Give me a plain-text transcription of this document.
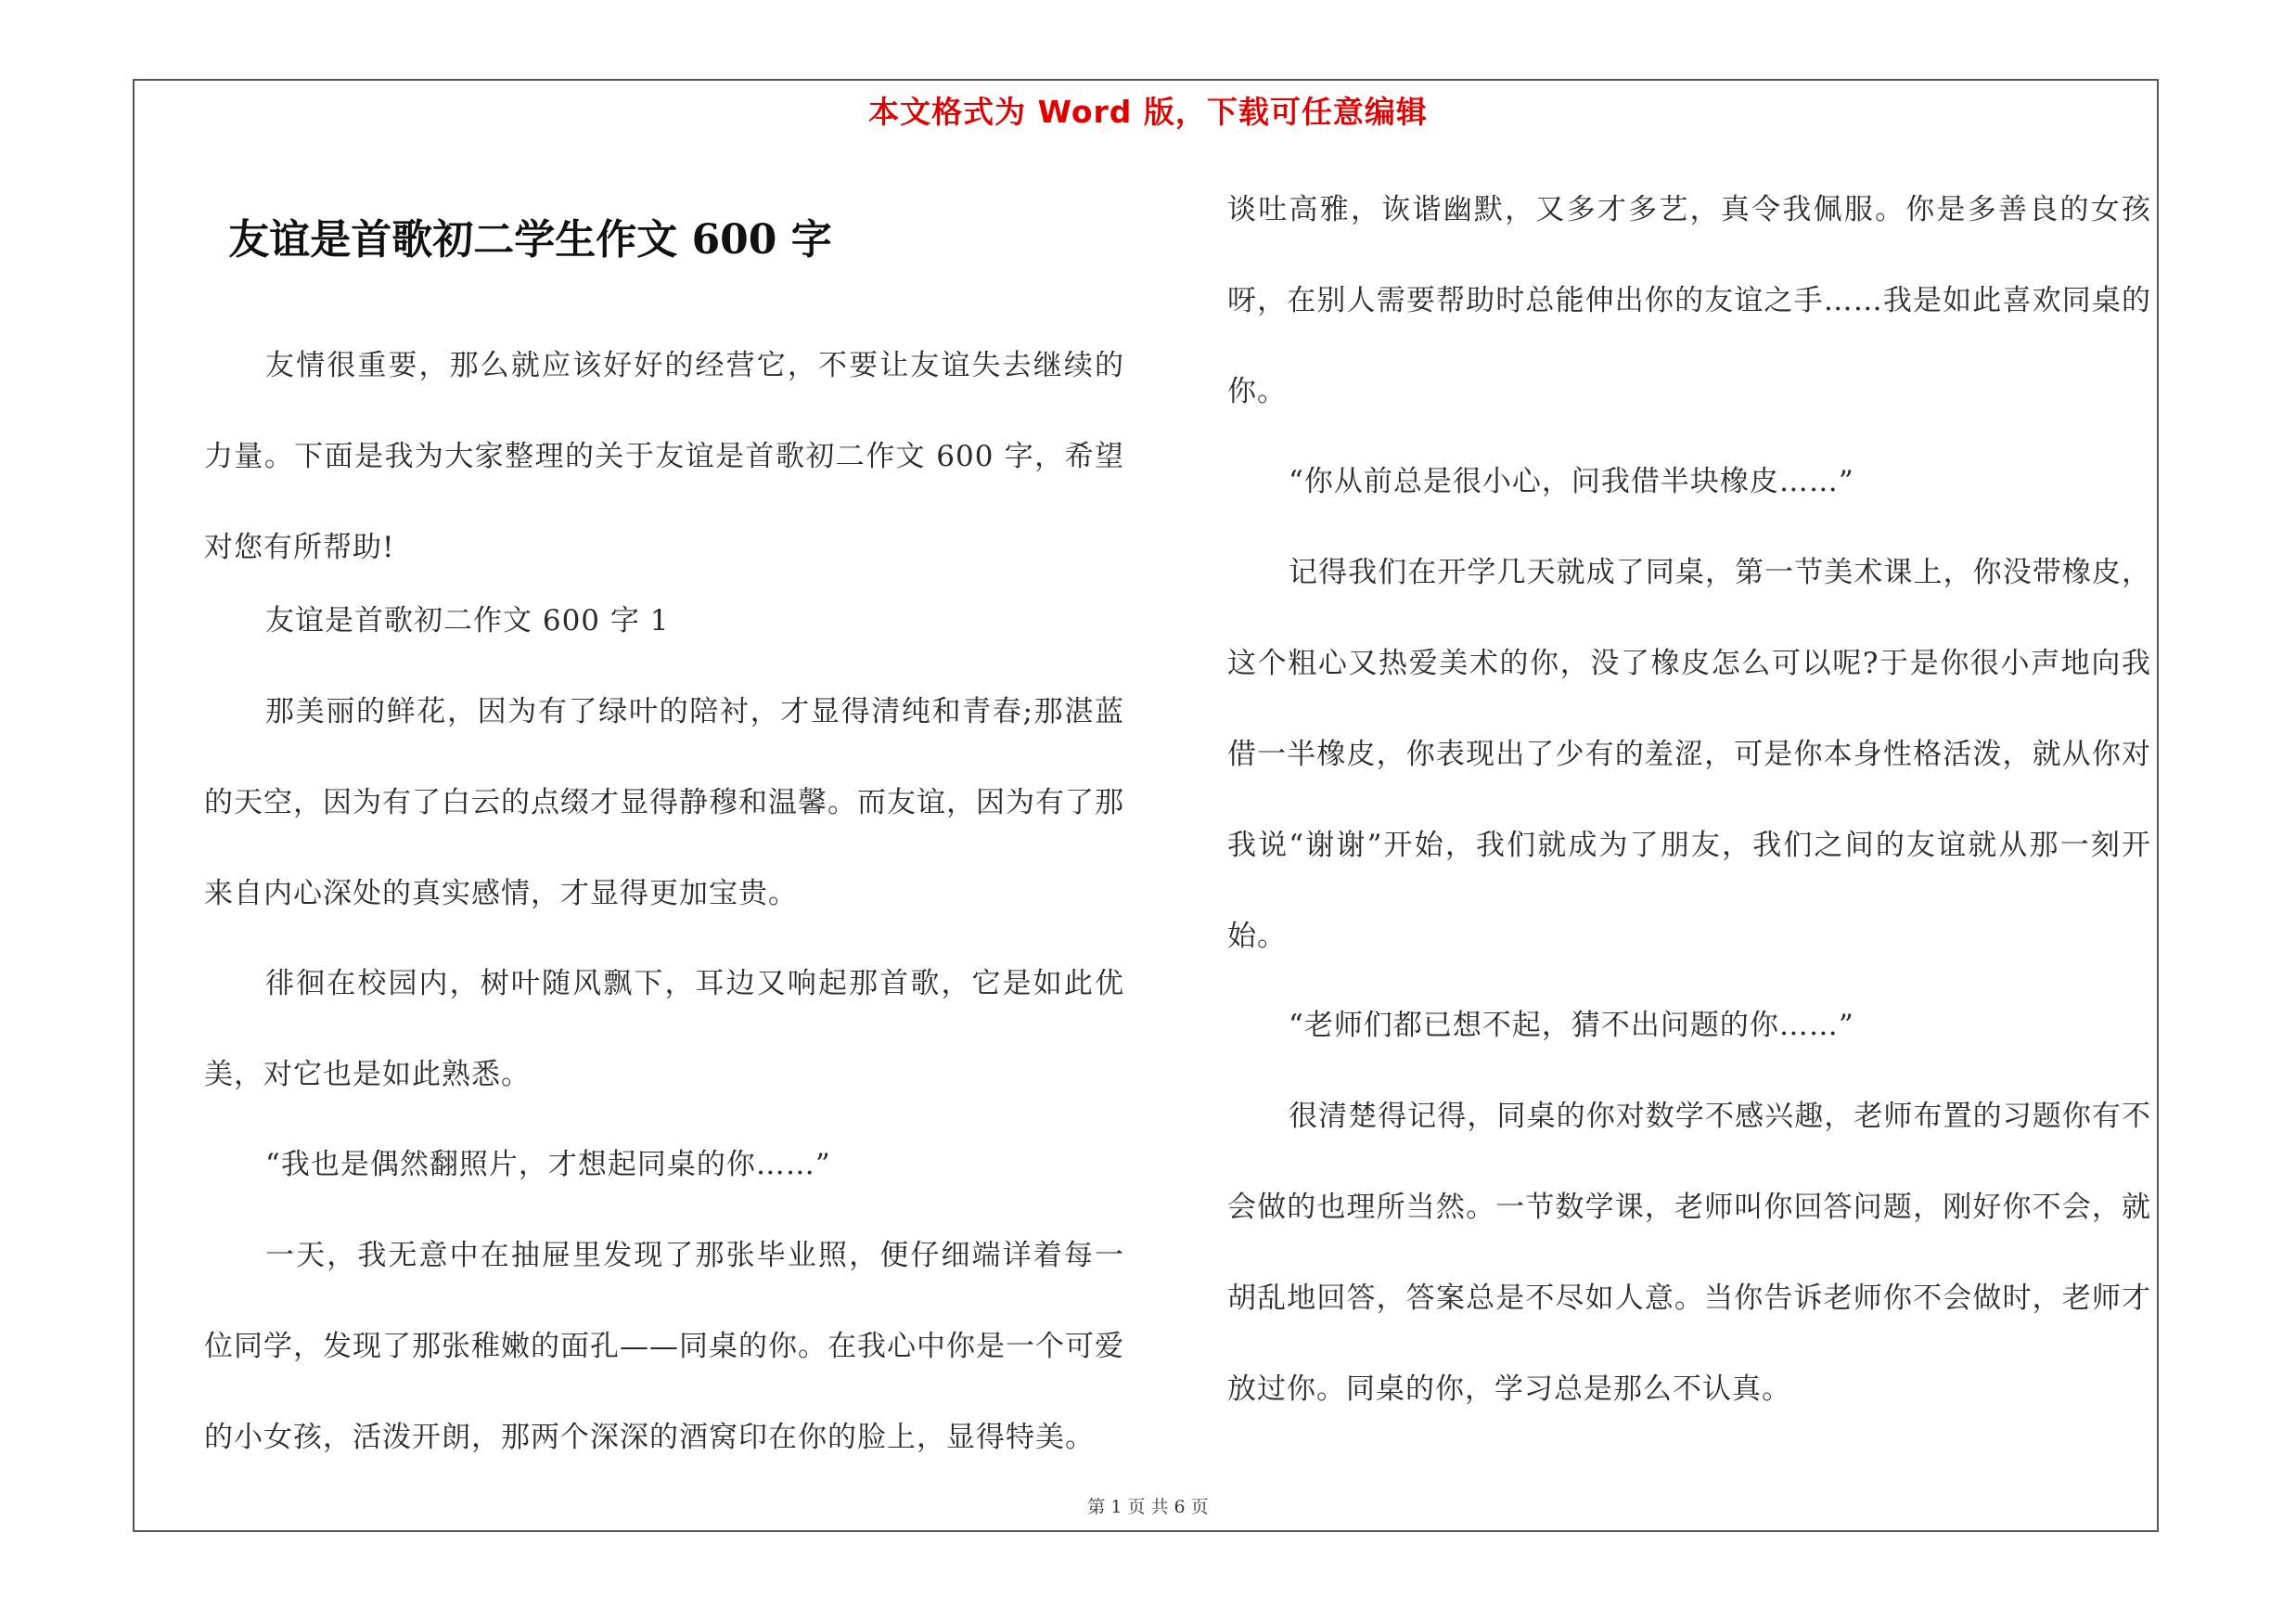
本文格式为 Word 版，下载可任意编辑
友谊是首歌初二学生作文 600 字

友情很重要，那么就应该好好的经营它，不要让友谊失去继续的力量。下面是我为大家整理的关于友谊是首歌初二作文 600 字，希望对您有所帮助!

友谊是首歌初二作文 600 字 1

那美丽的鲜花，因为有了绿叶的陪衬，才显得清纯和青春;那湛蓝的天空，因为有了白云的点缀才显得静穆和温馨。而友谊，因为有了那来自内心深处的真实感情，才显得更加宝贵。

徘徊在校园内，树叶随风飘下，耳边又响起那首歌，它是如此优美，对它也是如此熟悉。

“我也是偶然翻照片，才想起同桌的你……”

一天，我无意中在抽屉里发现了那张毕业照，便仔细端详着每一位同学，发现了那张稚嫩的面孔——同桌的你。在我心中你是一个可爱的小女孩，活泼开朗，那两个深深的酒窝印在你的脸上，显得特美。

谈吐高雅，诙谐幽默，又多才多艺，真令我佩服。你是多善良的女孩呀，在别人需要帮助时总能伸出你的友谊之手……我是如此喜欢同桌的你。

“你从前总是很小心，问我借半块橡皮……”

记得我们在开学几天就成了同桌，第一节美术课上，你没带橡皮，这个粗心又热爱美术的你，没了橡皮怎么可以呢?于是你很小声地向我借一半橡皮，你表现出了少有的羞涩，可是你本身性格活泼，就从你对我说“谢谢”开始，我们就成为了朋友，我们之间的友谊就从那一刻开始。

“老师们都已想不起，猜不出问题的你……”

很清楚得记得，同桌的你对数学不感兴趣，老师布置的习题你有不会做的也理所当然。一节数学课，老师叫你回答问题，刚好你不会，就胡乱地回答，答案总是不尽如人意。当你告诉老师你不会做时，老师才放过你。同桌的你，学习总是那么不认真。

第 1 页 共 6 页
